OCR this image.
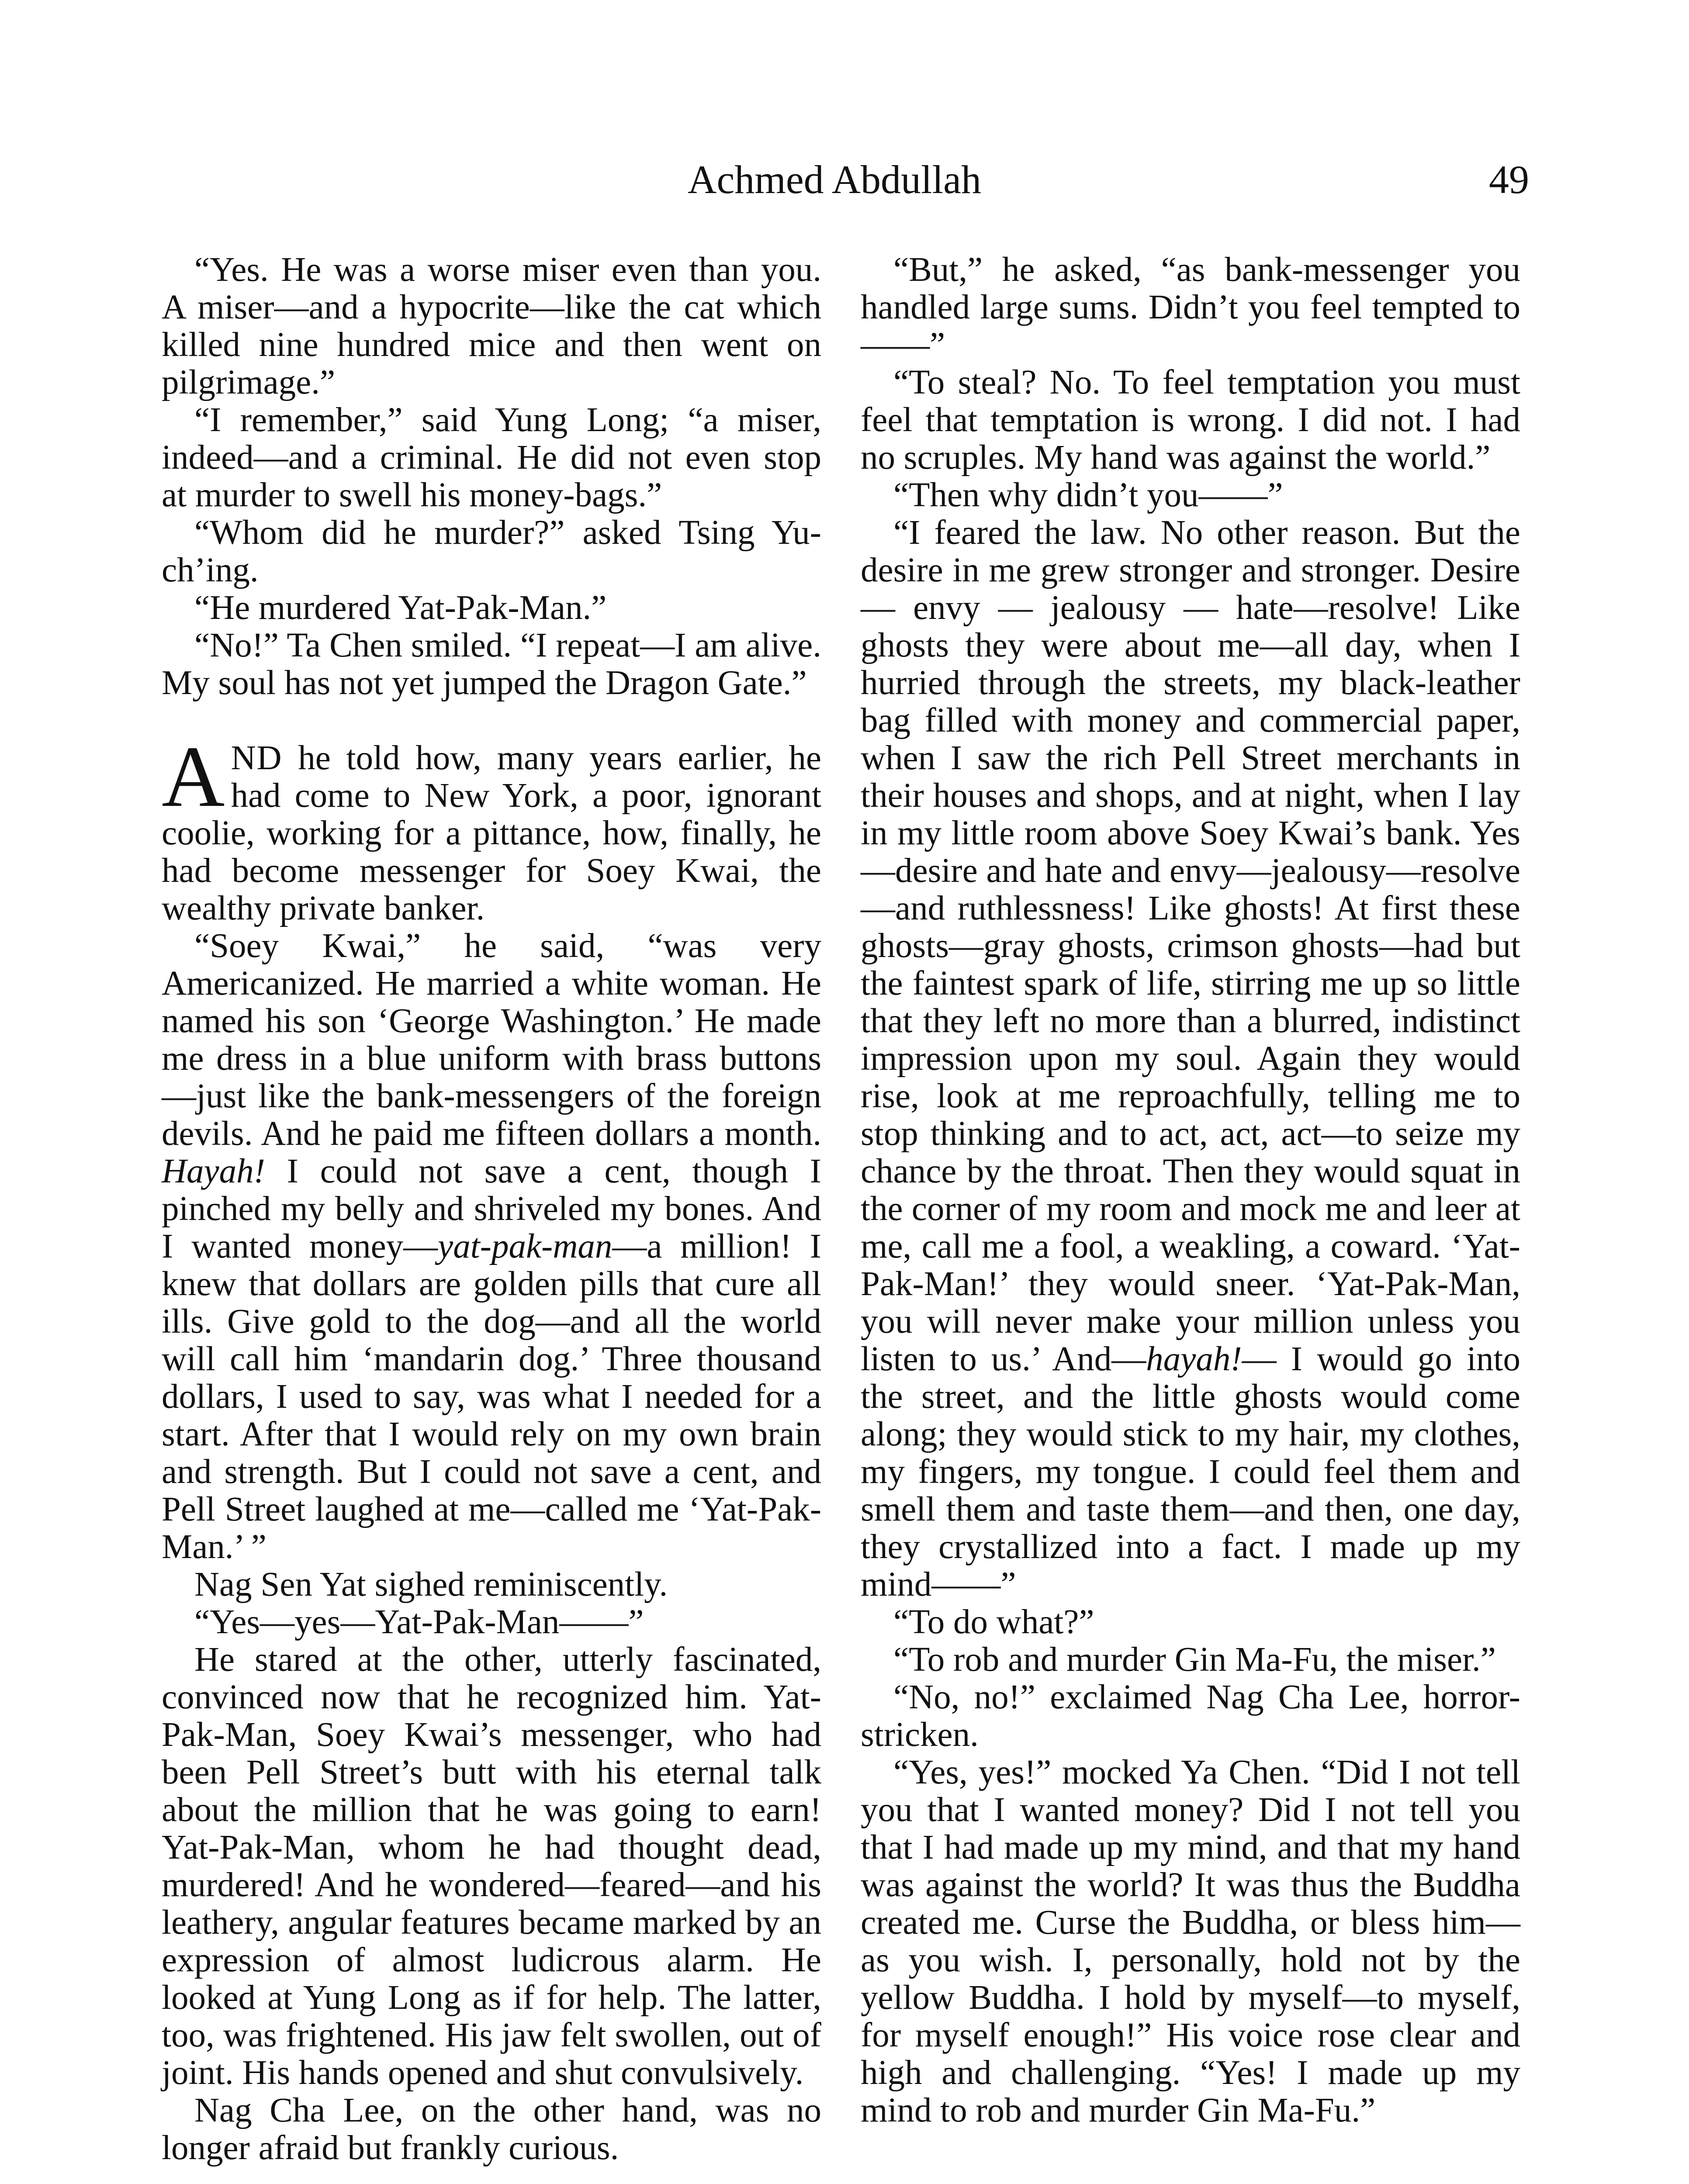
Achmed Abdullah	49

“Yes. He was a worse miser even than you. A miser—and a hypocrite—like the cat which killed nine hundred mice and then went on pilgrimage.”

“I remember,” said Yung Long; “a miser, indeed—and a criminal. He did not even stop at murder to swell his money-bags.”

“Whom did he murder?” asked Tsing Yu-ch’ing.

“He murdered Yat-Pak-Man.”

“No!” Ta Chen smiled. “I repeat—I am alive. My soul has not yet jumped the Dragon Gate.”

AND he told how, many years earlier, he had come to New York, a poor, ignorant coolie, working for a pittance, how, finally, he had become messenger for Soey Kwai, the wealthy private banker.

“Soey Kwai,” he said, “was very Americanized. He married a white woman. He named his son ‘George Washington.’ He made me dress in a blue uniform with brass buttons—just like the bank-messengers of the foreign devils. And he paid me fifteen dollars a month. Hayah! I could not save a cent, though I pinched my belly and shriveled my bones. And I wanted money—yat-pak-man—a million! I knew that dollars are golden pills that cure all ills. Give gold to the dog—and all the world will call him ‘mandarin dog.’ Three thousand dollars, I used to say, was what I needed for a start. After that I would rely on my own brain and strength. But I could not save a cent, and Pell Street laughed at me—called me ‘Yat-Pak-Man.’ ”

Nag Sen Yat sighed reminiscently.

“Yes—yes—Yat-Pak-Man——”

He stared at the other, utterly fascinated, convinced now that he recognized him. Yat-Pak-Man, Soey Kwai’s messenger, who had been Pell Street’s butt with his eternal talk about the million that he was going to earn! Yat-Pak-Man, whom he had thought dead, murdered! And he wondered—feared—and his leathery, angular features became marked by an expression of almost ludicrous alarm. He looked at Yung Long as if for help. The latter, too, was frightened. His jaw felt swollen, out of joint. His hands opened and shut convulsively.

Nag Cha Lee, on the other hand, was no longer afraid but frankly curious.

“But,” he asked, “as bank-messenger you handled large sums. Didn’t you feel tempted to——”

“To steal? No. To feel temptation you must feel that temptation is wrong. I did not. I had no scruples. My hand was against the world.”

“Then why didn’t you——”

“I feared the law. No other reason. But the desire in me grew stronger and stronger. Desire — envy — jealousy — hate—resolve! Like ghosts they were about me—all day, when I hurried through the streets, my black-leather bag filled with money and commercial paper, when I saw the rich Pell Street merchants in their houses and shops, and at night, when I lay in my little room above Soey Kwai’s bank. Yes—desire and hate and envy—jealousy—resolve—and ruthlessness! Like ghosts! At first these ghosts—gray ghosts, crimson ghosts—had but the faintest spark of life, stirring me up so little that they left no more than a blurred, indistinct impression upon my soul. Again they would rise, look at me reproachfully, telling me to stop thinking and to act, act, act—to seize my chance by the throat. Then they would squat in the corner of my room and mock me and leer at me, call me a fool, a weakling, a coward. ‘Yat-Pak-Man!’ they would sneer. ‘Yat-Pak-Man, you will never make your million unless you listen to us.’ And—hayah!— I would go into the street, and the little ghosts would come along; they would stick to my hair, my clothes, my fingers, my tongue. I could feel them and smell them and taste them—and then, one day, they crystallized into a fact. I made up my mind——”

“To do what?”

“To rob and murder Gin Ma-Fu, the miser.”

“No, no!” exclaimed Nag Cha Lee, horror-stricken.

“Yes, yes!” mocked Ya Chen. “Did I not tell you that I wanted money? Did I not tell you that I had made up my mind, and that my hand was against the world? It was thus the Buddha created me. Curse the Buddha, or bless him—as you wish. I, personally, hold not by the yellow Buddha. I hold by myself—to myself, for myself enough!” His voice rose clear and high and challenging. “Yes! I made up my mind to rob and murder Gin Ma-Fu.”
